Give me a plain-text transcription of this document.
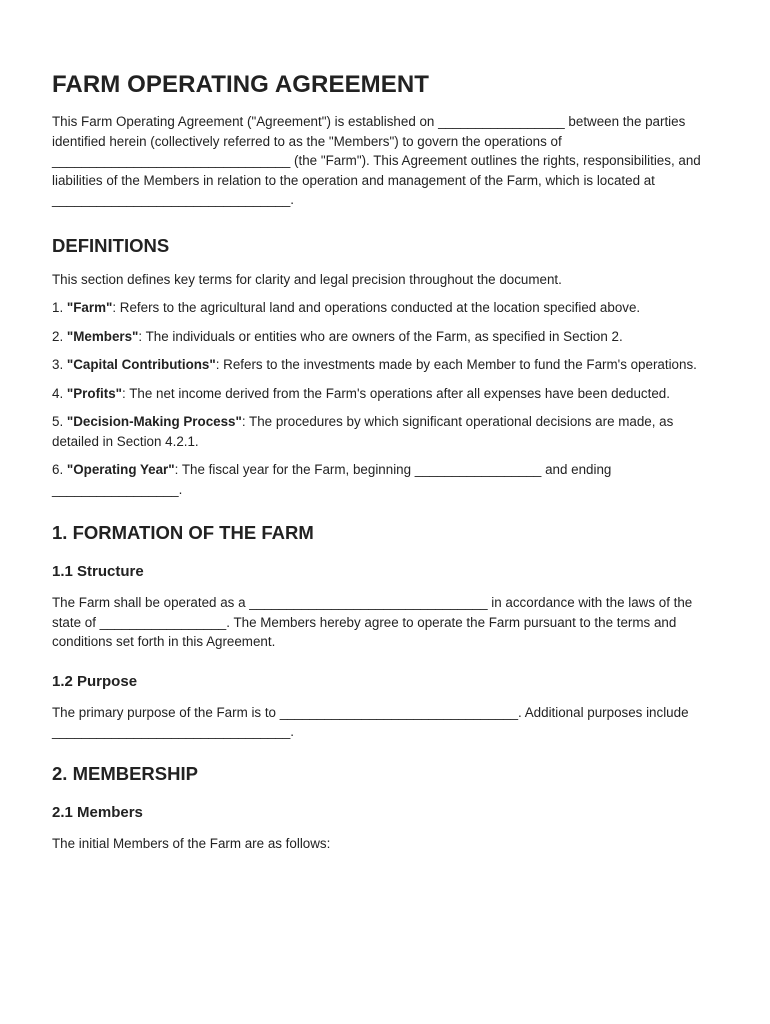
FARM OPERATING AGREEMENT

This Farm Operating Agreement ("Agreement") is established on _________________ between the parties identified herein (collectively referred to as the "Members") to govern the operations of ________________________________ (the "Farm"). This Agreement outlines the rights, responsibilities, and liabilities of the Members in relation to the operation and management of the Farm, which is located at ________________________________.

DEFINITIONS

This section defines key terms for clarity and legal precision throughout the document.

1. "Farm": Refers to the agricultural land and operations conducted at the location specified above.

2. "Members": The individuals or entities who are owners of the Farm, as specified in Section 2.

3. "Capital Contributions": Refers to the investments made by each Member to fund the Farm's operations.

4. "Profits": The net income derived from the Farm's operations after all expenses have been deducted.

5. "Decision-Making Process": The procedures by which significant operational decisions are made, as detailed in Section 4.2.1.

6. "Operating Year": The fiscal year for the Farm, beginning _________________ and ending _________________.

1. FORMATION OF THE FARM
1.1 Structure

The Farm shall be operated as a ________________________________ in accordance with the laws of the state of _________________. The Members hereby agree to operate the Farm pursuant to the terms and conditions set forth in this Agreement.

1.2 Purpose

The primary purpose of the Farm is to ________________________________. Additional purposes include ________________________________.

2. MEMBERSHIP
2.1 Members

The initial Members of the Farm are as follows:
